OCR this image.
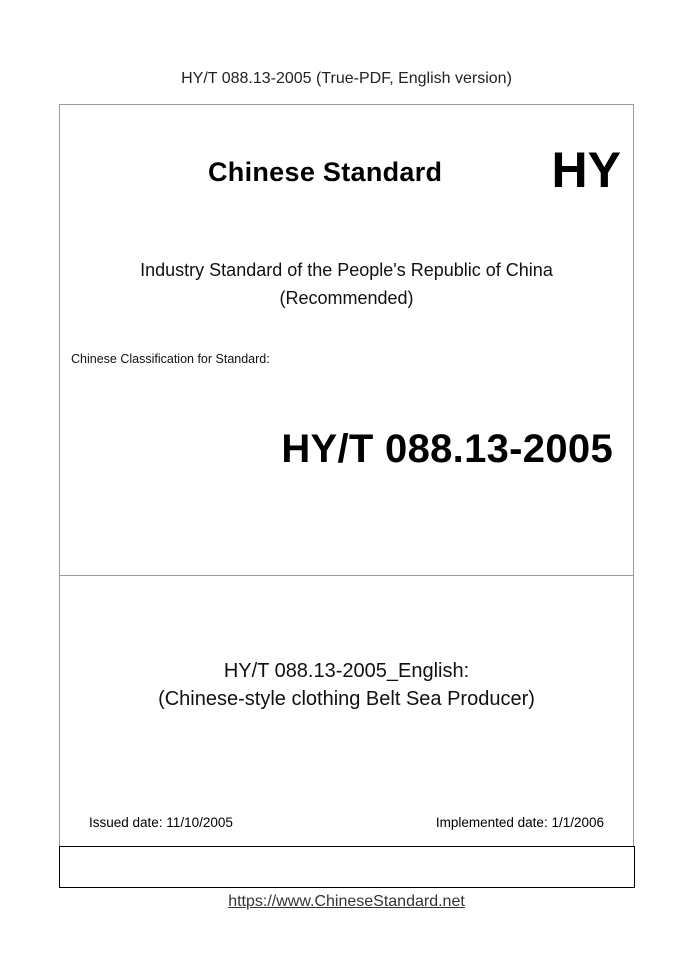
HY/T 088.13-2005 (True-PDF, English version)
Chinese Standard HY
Industry Standard of the People's Republic of China
(Recommended)
Chinese Classification for Standard:
HY/T 088.13-2005
HY/T 088.13-2005_English:
(Chinese-style clothing Belt Sea Producer)
Issued date: 11/10/2005	Implemented date: 1/1/2006
https://www.ChineseStandard.net
